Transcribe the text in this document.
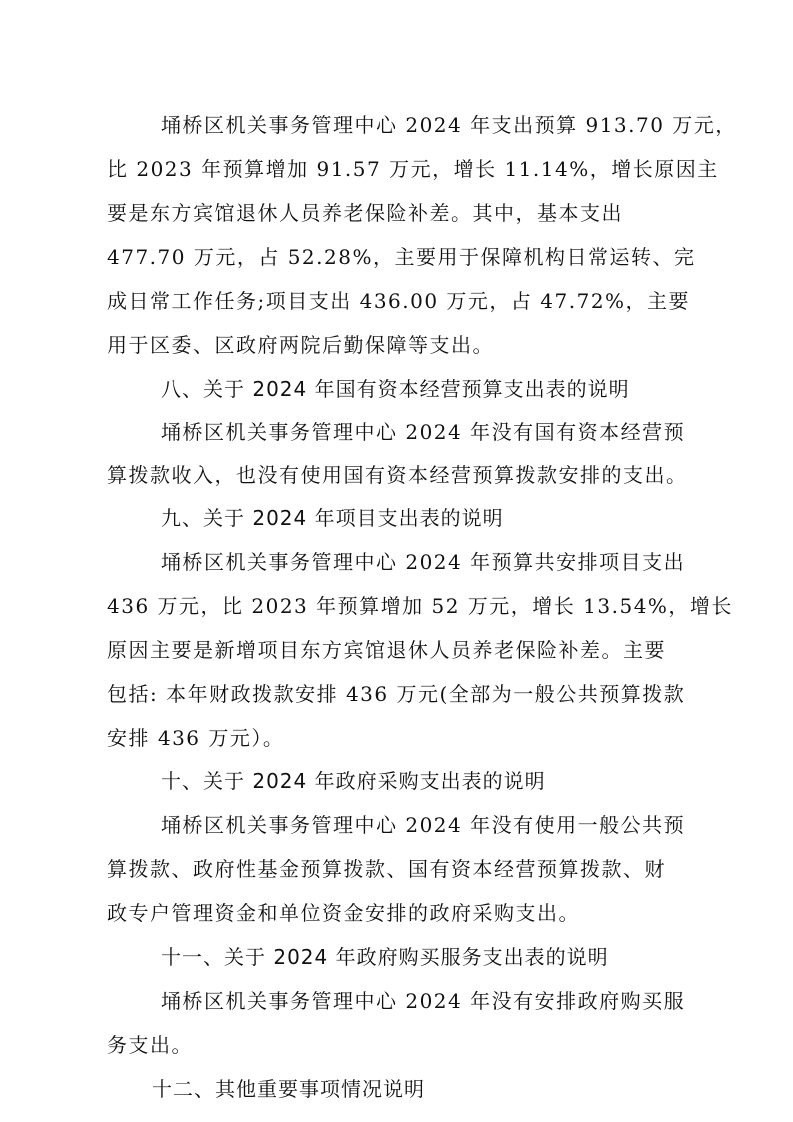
埇桥区机关事务管理中心 2024 年支出预算 913.70 万元，

比 2023 年预算增加 91.57 万元，增长 11.14%，增长原因主

要是东方宾馆退休人员养老保险补差。其中，基本支出

477.70 万元，占 52.28%，主要用于保障机构日常运转、完

成日常工作任务;项目支出 436.00 万元，占 47.72%，主要

用于区委、区政府两院后勤保障等支出。

八、关于 2024 年国有资本经营预算支出表的说明

埇桥区机关事务管理中心 2024 年没有国有资本经营预

算拨款收入，也没有使用国有资本经营预算拨款安排的支出。

九、关于 2024 年项目支出表的说明

埇桥区机关事务管理中心 2024 年预算共安排项目支出

436 万元，比 2023 年预算增加 52 万元，增长 13.54%，增长

原因主要是新增项目东方宾馆退休人员养老保险补差。主要

包括: 本年财政拨款安排 436 万元(全部为一般公共预算拨款

安排 436 万元）。

十、关于 2024 年政府采购支出表的说明

埇桥区机关事务管理中心 2024 年没有使用一般公共预

算拨款、政府性基金预算拨款、国有资本经营预算拨款、财

政专户管理资金和单位资金安排的政府采购支出。

十一、关于 2024 年政府购买服务支出表的说明

埇桥区机关事务管理中心 2024 年没有安排政府购买服

务支出。

十二、其他重要事项情况说明
